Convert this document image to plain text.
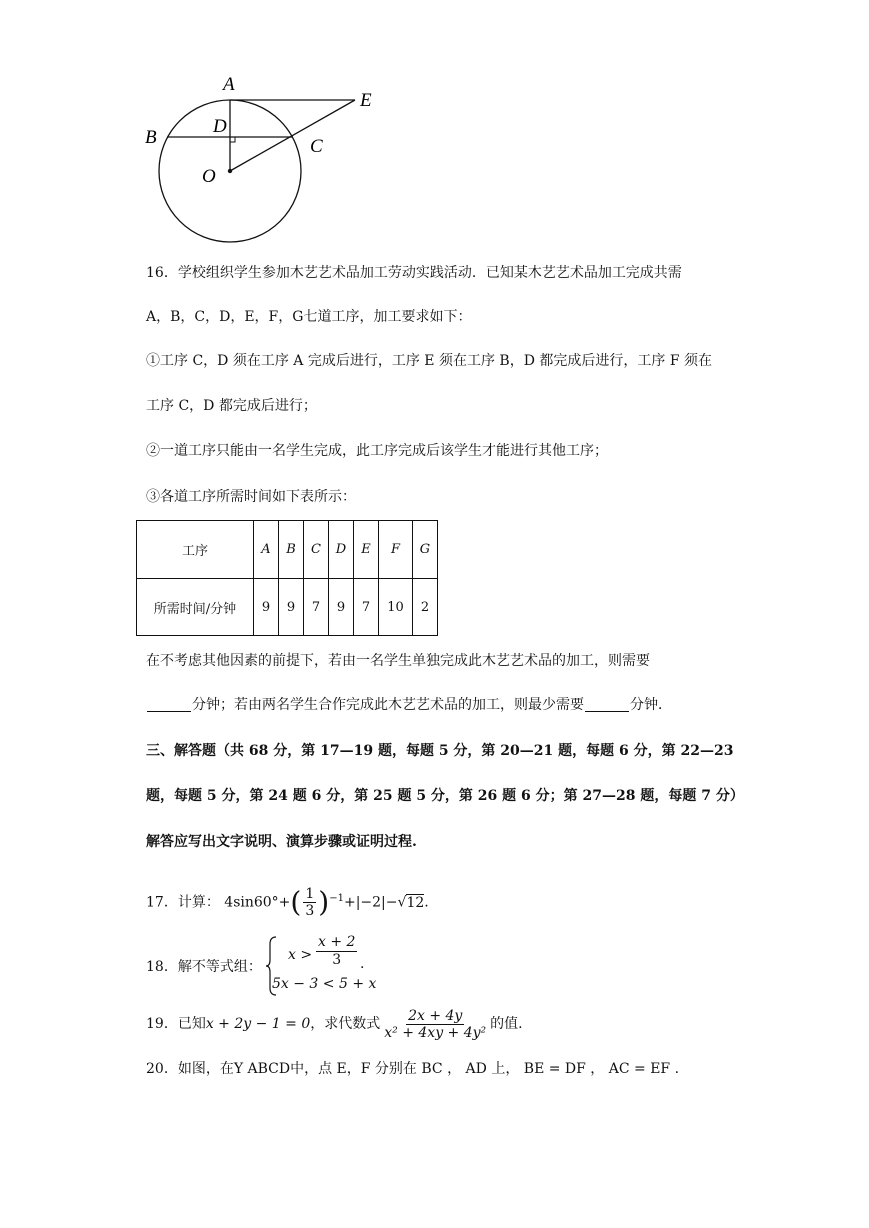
A
E
B
D
C
O
16．学校组织学生参加木艺艺术品加工劳动实践活动．已知某木艺艺术品加工完成共需
A，B，C，D，E，F，G七道工序，加工要求如下：
①工序 C，D 须在工序 A 完成后进行，工序 E 须在工序 B，D 都完成后进行，工序 F 须在
工序 C，D 都完成后进行；
②一道工序只能由一名学生完成，此工序完成后该学生才能进行其他工序；
③各道工序所需时间如下表所示：
工序	A	B	C	D	E	F	G
所需时间/分钟	9	9	7	9	7	10	2
在不考虑其他因素的前提下，若由一名学生单独完成此木艺艺术品的加工，则需要
分钟；若由两名学生合作完成此木艺艺术品的加工，则最少需要	分钟．
三、解答题（共 68 分，第 17—19 题，每题 5 分，第 20—21 题，每题 6 分，第 22—23
题，每题 5 分，第 24 题 6 分，第 25 题 5 分，第 26 题 6 分；第 27—28 题，每题 7 分）
解答应写出文字说明、演算步骤或证明过程.
17．计算： $4\sin 60^\circ+( \frac{1}{3} )^{-1}+|-2|-√12$.
18．解不等式组：
$x > \frac{x + 2}{3}$
5x − 3 < 5 + x
.
19．已知x + 2y − 1 = 0，求代数式 $\frac{2x + 4y}{\text{x² + 4xy + 4y²}}$ 的值.
20．如图，在Y ABCD中，点 E，F 分别在 BC ， AD 上， BE = DF ， AC = EF .
